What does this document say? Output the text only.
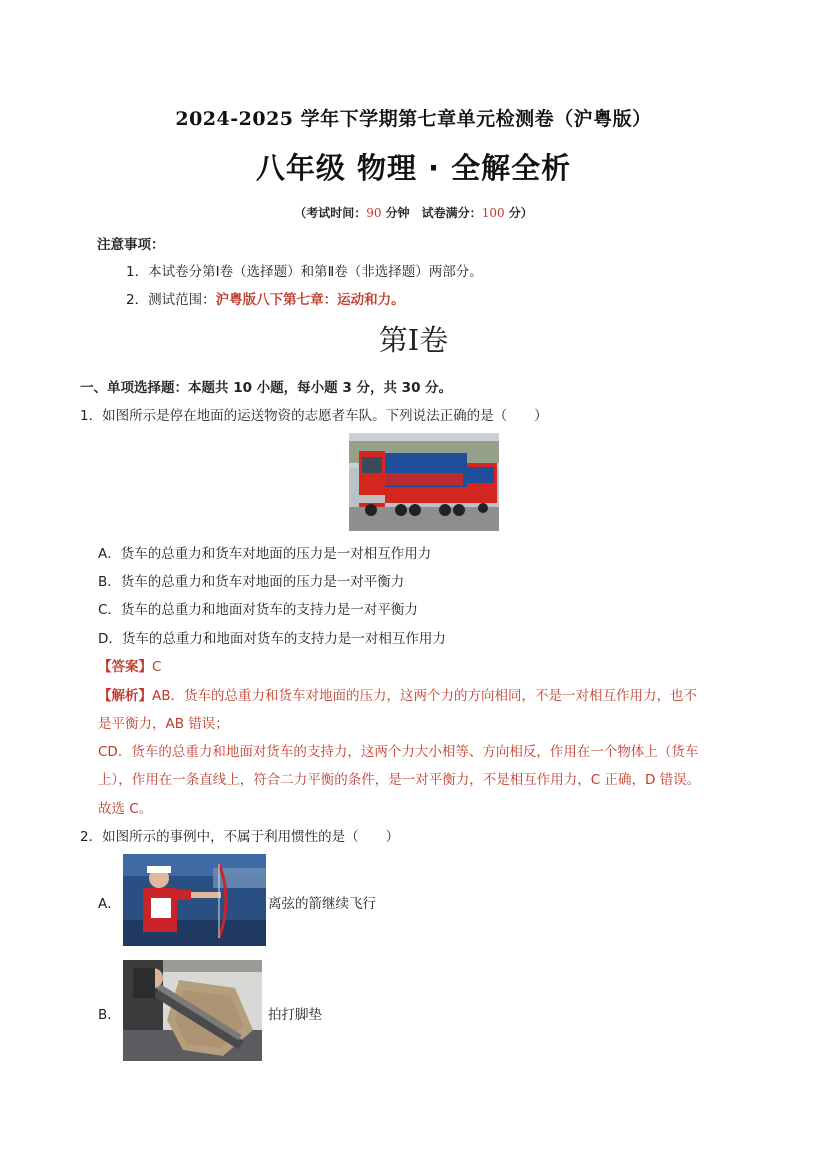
2024-2025 学年下学期第七章单元检测卷（沪粤版）
八年级 物理 · 全解全析
（考试时间：90 分钟　试卷满分：100 分）
注意事项：
1．本试卷分第Ⅰ卷（选择题）和第Ⅱ卷（非选择题）两部分。
2．测试范围：沪粤版八下第七章：运动和力。
第Ⅰ卷
一、单项选择题：本题共 10 小题，每小题 3 分，共 30 分。
1．如图所示是停在地面的运送物资的志愿者车队。下列说法正确的是（　　）
A．货车的总重力和货车对地面的压力是一对相互作用力
B．货车的总重力和货车对地面的压力是一对平衡力
C．货车的总重力和地面对货车的支持力是一对平衡力
D．货车的总重力和地面对货车的支持力是一对相互作用力
【答案】C
【解析】AB．货车的总重力和货车对地面的压力，这两个力的方向相同，不是一对相互作用力，也不
是平衡力，AB 错误；
CD．货车的总重力和地面对货车的支持力，这两个力大小相等、方向相反，作用在一个物体上（货车
上），作用在一条直线上，符合二力平衡的条件，是一对平衡力，不是相互作用力，C 正确，D 错误。
故选 C。
2．如图所示的事例中，不属于利用惯性的是（　　）
A．	离弦的箭继续飞行
B．	拍打脚垫
